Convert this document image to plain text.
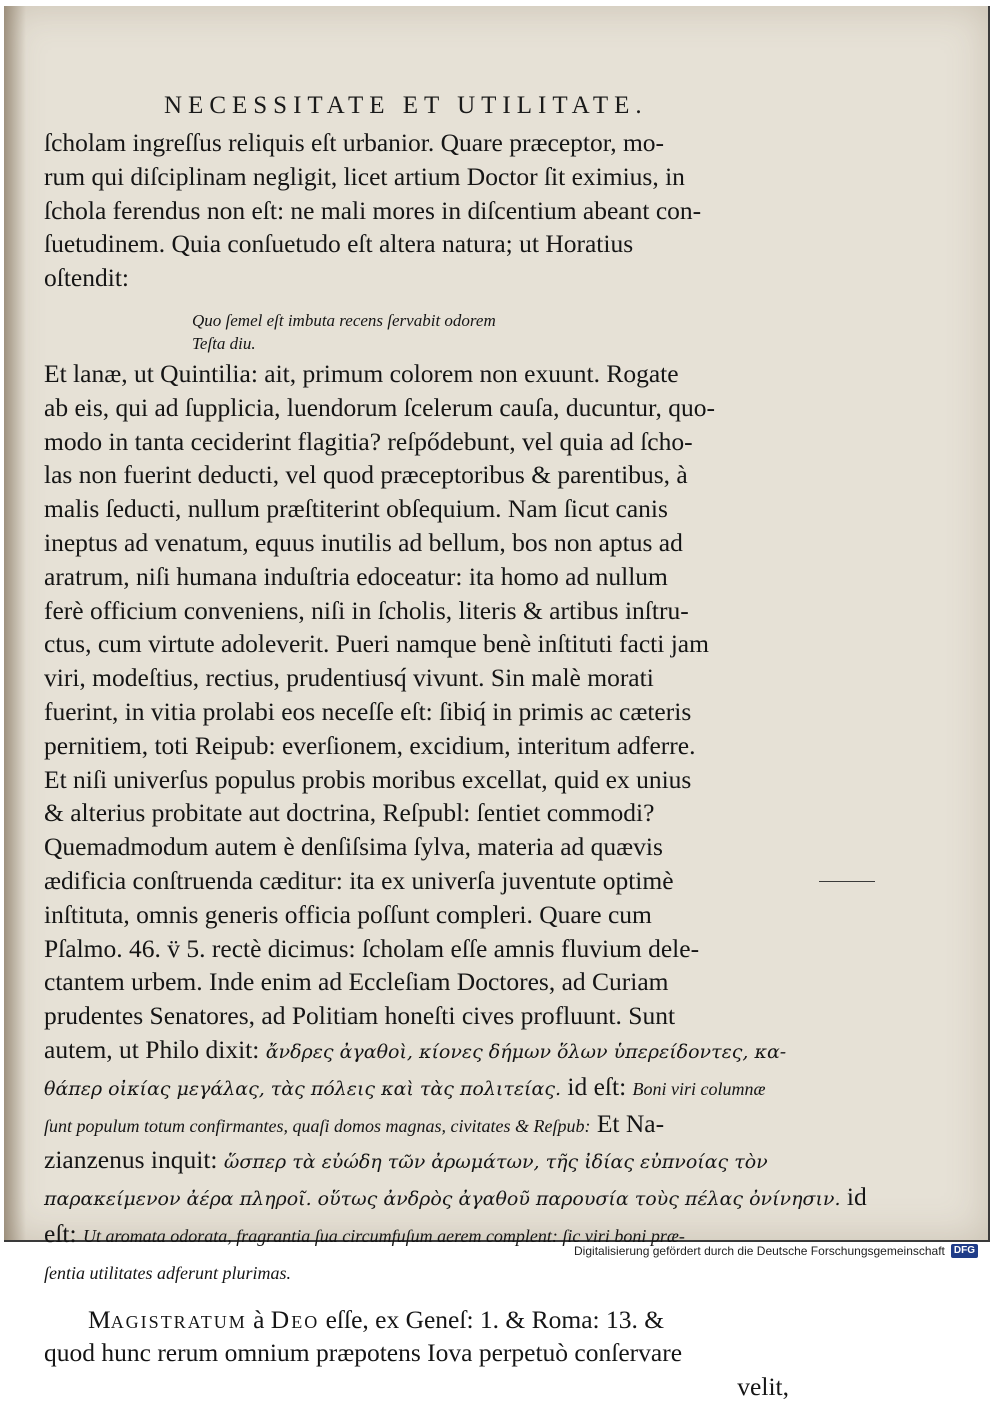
NECESSITATE ET UTILITATE.
ſcholam ingreſſus reliquis eſt urbanior. Quare præceptor, mo-
rum qui diſciplinam negligit, licet artium Doctor ſit eximius, in
ſchola ferendus non eſt: ne mali mores in diſcentium abeant con-
ſuetudinem. Quia conſuetudo eſt altera natura; ut Horatius
oſtendit:
Quo ſemel eſt imbuta recens ſervabit odorem
Teſta diu.
Et lanæ, ut Quintilia: ait, primum colorem non exuunt. Rogate
ab eis, qui ad ſupplicia, luendorum ſcelerum cauſa, ducuntur, quo-
modo in tanta ceciderint flagitia? reſpődebunt, vel quia ad ſcho-
las non fuerint deducti, vel quod præceptoribus & parentibus, à
malis ſeducti, nullum præſtiterint obſequium. Nam ſicut canis
ineptus ad venatum, equus inutilis ad bellum, bos non aptus ad
aratrum, niſi humana induſtria edoceatur: ita homo ad nullum
ferè officium conveniens, niſi in ſcholis, literis & artibus inſtru-
ctus, cum virtute adoleverit. Pueri namque benè inſtituti facti jam
viri, modeſtius, rectius, prudentiusq́ vivunt. Sin malè morati
fuerint, in vitia prolabi eos neceſſe eſt: ſibiq́ in primis ac cæteris
pernitiem, toti Reipub: everſionem, excidium, interitum adferre.
Et niſi univerſus populus probis moribus excellat, quid ex unius
& alterius probitate aut doctrina, Reſpubl: ſentiet commodi?
Quemadmodum autem è denſiſsima ſylva, materia ad quævis
ædificia conſtruenda cæditur: ita ex univerſa juventute optimè
inſtituta, omnis generis officia poſſunt compleri. Quare cum
Pſalmo. 46. v̈ 5. rectè dicimus: ſcholam eſſe amnis fluvium dele-
ctantem urbem. Inde enim ad Eccleſiam Doctores, ad Curiam
prudentes Senatores, ad Politiam honeſti cives profluunt. Sunt
autem, ut Philo dixit: ἄνδρες ἀγαθοὶ, κίονες δήμων ὅλων ὑπερείδοντες, κα-
θάπερ οἰκίας μεγάλας, τὰς πόλεις καὶ τὰς πολιτείας. id eſt: Boni viri columnæ
ſunt populum totum confirmantes, quaſi domos magnas, civitates & Reſpub: Et Na-
zianzenus inquit: ὥσπερ τὰ εὐώδη τῶν ἀρωμάτων, τῆς ἰδίας εὐπνοίας τὸν
παρακείμενον ἀέρα πληροῖ. οὕτως ἀνδρὸς ἀγαθοῦ παρουσία τοὺς πέλας ὀνίνησιν. id
eſt: Ut aromata odorata, fragrantia ſua circumfuſum aerem complent: ſic viri boni præ-
ſentia utilitates adferunt plurimas.
Magistratum à Deo eſſe, ex Geneſ: 1. & Roma: 13. &
quod hunc rerum omnium præpotens Iova perpetuò conſervare
velit,
Digitalisierung gefördert durch die Deutsche Forschungsgemeinschaft DFG
